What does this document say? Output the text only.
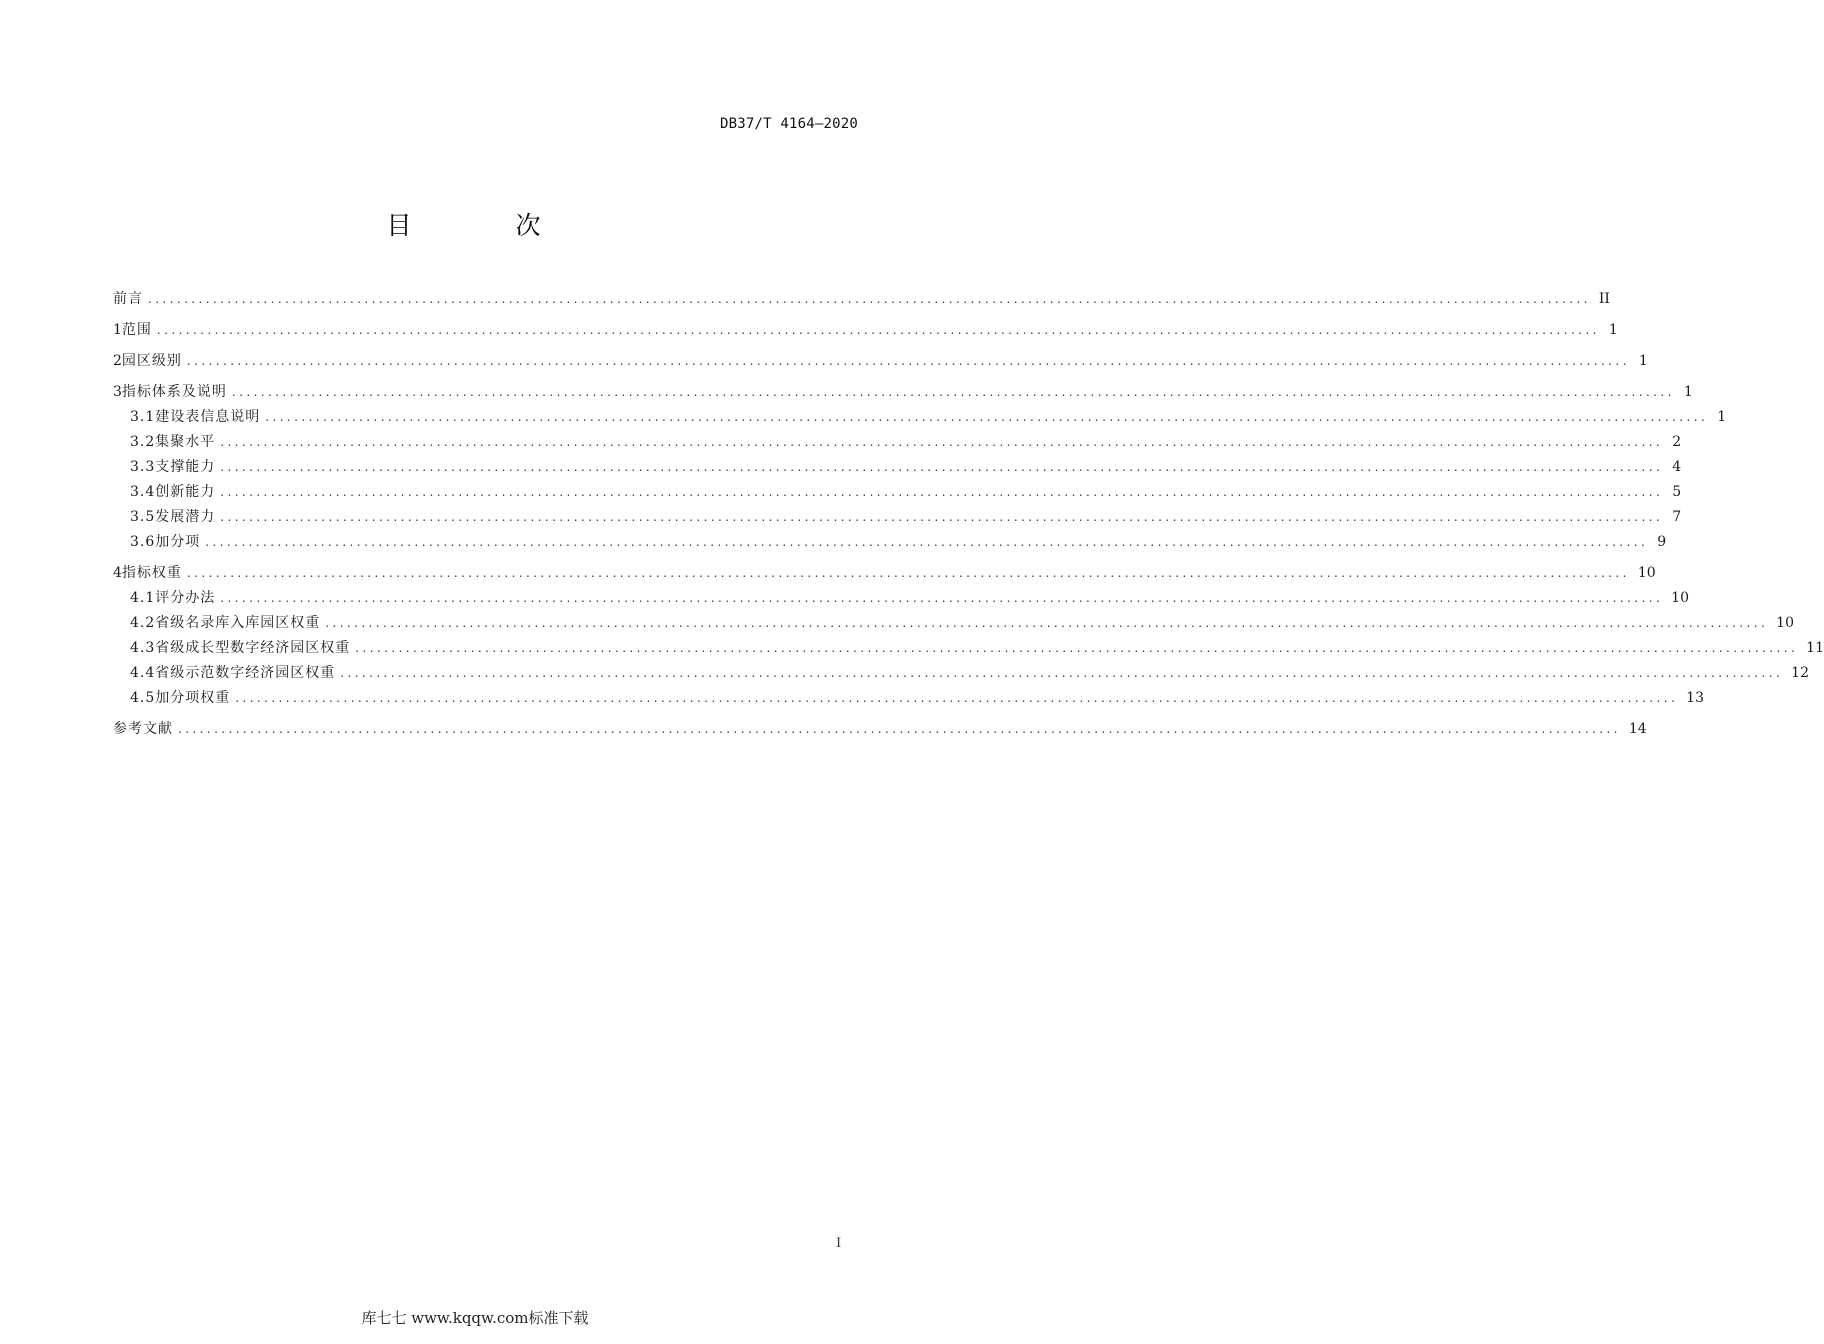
DB37/T 4164—2020
目 次
前言 ........................................................................................................................................................................................................ II
1 范围 ........................................................................................................................................................................................................ 1
2 园区级别 ........................................................................................................................................................................................................ 1
3 指标体系及说明 ........................................................................................................................................................................................................ 1
3.1 建设表信息说明 ........................................................................................................................................................................................................ 1
3.2 集聚水平 ........................................................................................................................................................................................................ 2
3.3 支撑能力 ........................................................................................................................................................................................................ 4
3.4 创新能力 ........................................................................................................................................................................................................ 5
3.5 发展潜力 ........................................................................................................................................................................................................ 7
3.6 加分项 ........................................................................................................................................................................................................ 9
4 指标权重 ........................................................................................................................................................................................................ 10
4.1 评分办法 ........................................................................................................................................................................................................ 10
4.2 省级名录库入库园区权重 ........................................................................................................................................................................................................ 10
4.3 省级成长型数字经济园区权重 ........................................................................................................................................................................................................ 11
4.4 省级示范数字经济园区权重 ........................................................................................................................................................................................................ 12
4.5 加分项权重 ........................................................................................................................................................................................................ 13
参考文献 ........................................................................................................................................................................................................ 14
I
库七七 www.kqqw.com标准下载
